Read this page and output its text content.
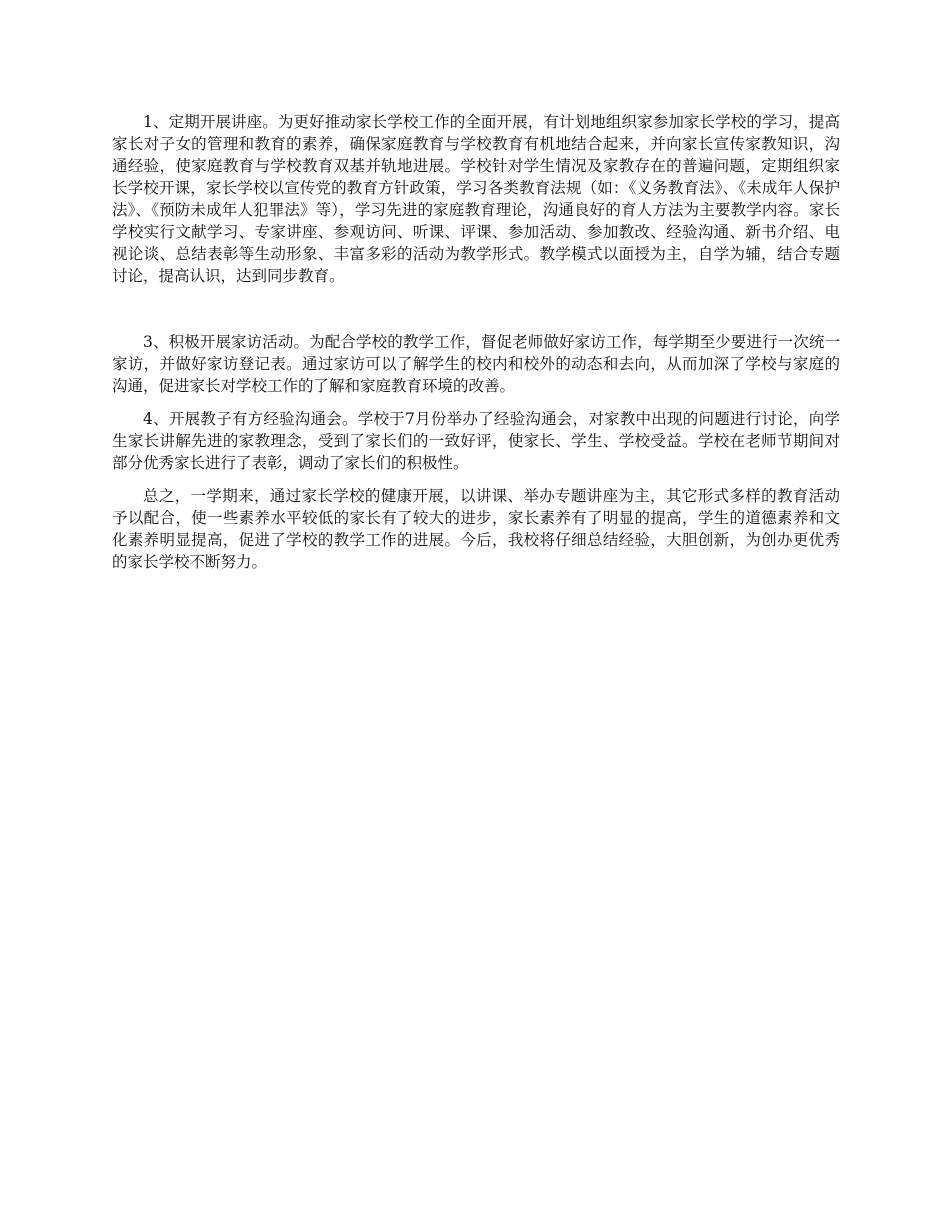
1、定期开展讲座。为更好推动家长学校工作的全面开展，有计划地组织家参加家长学校的学习，提高家长对子女的管理和教育的素养，确保家庭教育与学校教育有机地结合起来，并向家长宣传家教知识，沟通经验，使家庭教育与学校教育双基并轨地进展。学校针对学生情况及家教存在的普遍问题，定期组织家长学校开课，家长学校以宣传党的教育方针政策，学习各类教育法规（如：《义务教育法》、《未成年人保护法》、《预防未成年人犯罪法》等），学习先进的家庭教育理论，沟通良好的育人方法为主要教学内容。家长学校实行文献学习、专家讲座、参观访问、听课、评课、参加活动、参加教改、经验沟通、新书介绍、电视论谈、总结表彰等生动形象、丰富多彩的活动为教学形式。教学模式以面授为主，自学为辅，结合专题讨论，提高认识，达到同步教育。

3、积极开展家访活动。为配合学校的教学工作，督促老师做好家访工作，每学期至少要进行一次统一家访，并做好家访登记表。通过家访可以了解学生的校内和校外的动态和去向，从而加深了学校与家庭的沟通，促进家长对学校工作的了解和家庭教育环境的改善。

4、开展教子有方经验沟通会。学校于7月份举办了经验沟通会，对家教中出现的问题进行讨论，向学生家长讲解先进的家教理念，受到了家长们的一致好评，使家长、学生、学校受益。学校在老师节期间对部分优秀家长进行了表彰，调动了家长们的积极性。

总之，一学期来，通过家长学校的健康开展，以讲课、举办专题讲座为主，其它形式多样的教育活动予以配合，使一些素养水平较低的家长有了较大的进步，家长素养有了明显的提高，学生的道德素养和文化素养明显提高，促进了学校的教学工作的进展。今后，我校将仔细总结经验，大胆创新，为创办更优秀的家长学校不断努力。
